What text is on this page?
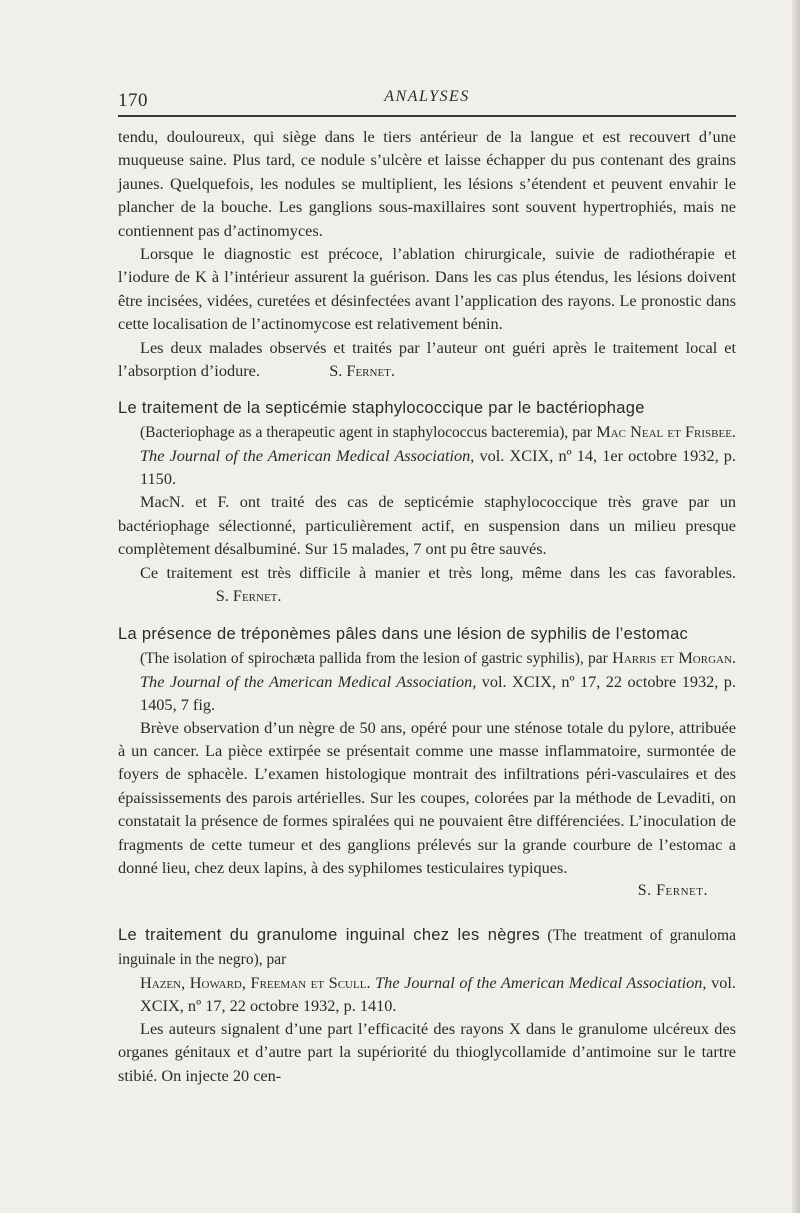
170	ANALYSES

tendu, douloureux, qui siège dans le tiers antérieur de la langue et est recouvert d’une muqueuse saine. Plus tard, ce nodule s’ulcère et laisse échapper du pus contenant des grains jaunes. Quelquefois, les nodules se multiplient, les lésions s’étendent et peuvent envahir le plancher de la bouche. Les ganglions sous-maxillaires sont souvent hypertrophiés, mais ne contiennent pas d’actinomyces.

Lorsque le diagnostic est précoce, l’ablation chirurgicale, suivie de radiothérapie et l’iodure de K à l’intérieur assurent la guérison. Dans les cas plus étendus, les lésions doivent être incisées, vidées, curetées et désinfectées avant l’application des rayons. Le pronostic dans cette localisation de l’actinomycose est relativement bénin.

Les deux malades observés et traités par l’auteur ont guéri après le traitement local et l’absorption d’iodure.	S. Fernet.

Le traitement de la septicémie staphylococcique par le bactériophage
(Bacteriophage as a therapeutic agent in staphylococcus bacteremia), par Mac Neal et Frisbee. The Journal of the American Medical Association, vol. XCIX, nº 14, 1er octobre 1932, p. 1150.

MacN. et F. ont traité des cas de septicémie staphylococcique très grave par un bactériophage sélectionné, particulièrement actif, en suspension dans un milieu presque complètement désalbuminé. Sur 15 malades, 7 ont pu être sauvés.

Ce traitement est très difficile à manier et très long, même dans les cas favorables.                         S. Fernet.

La présence de tréponèmes pâles dans une lésion de syphilis de l’estomac
(The isolation of spirochæta pallida from the lesion of gastric syphilis), par Harris et Morgan. The Journal of the American Medical Association, vol. XCIX, nº 17, 22 octobre 1932, p. 1405, 7 fig.

Brève observation d’un nègre de 50 ans, opéré pour une sténose totale du pylore, attribuée à un cancer. La pièce extirpée se présentait comme une masse inflammatoire, surmontée de foyers de sphacèle. L’examen histologique montrait des infiltrations péri-vasculaires et des épaississements des parois artérielles. Sur les coupes, colorées par la méthode de Levaditi, on constatait la présence de formes spiralées qui ne pouvaient être différenciées. L’inoculation de fragments de cette tumeur et des ganglions prélevés sur la grande courbure de l’estomac a donné lieu, chez deux lapins, à des syphilomes testiculaires typiques.

S. Fernet.

Le traitement du granulome inguinal chez les nègres (The treatment of granuloma inguinale in the negro), par
Hazen, Howard, Freeman et Scull. The Journal of the American Medical Association, vol. XCIX, nº 17, 22 octobre 1932, p. 1410.

Les auteurs signalent d’une part l’efficacité des rayons X dans le granulome ulcéreux des organes génitaux et d’autre part la supériorité du thioglycollamide d’antimoine sur le tartre stibié. On injecte 20 cen-
